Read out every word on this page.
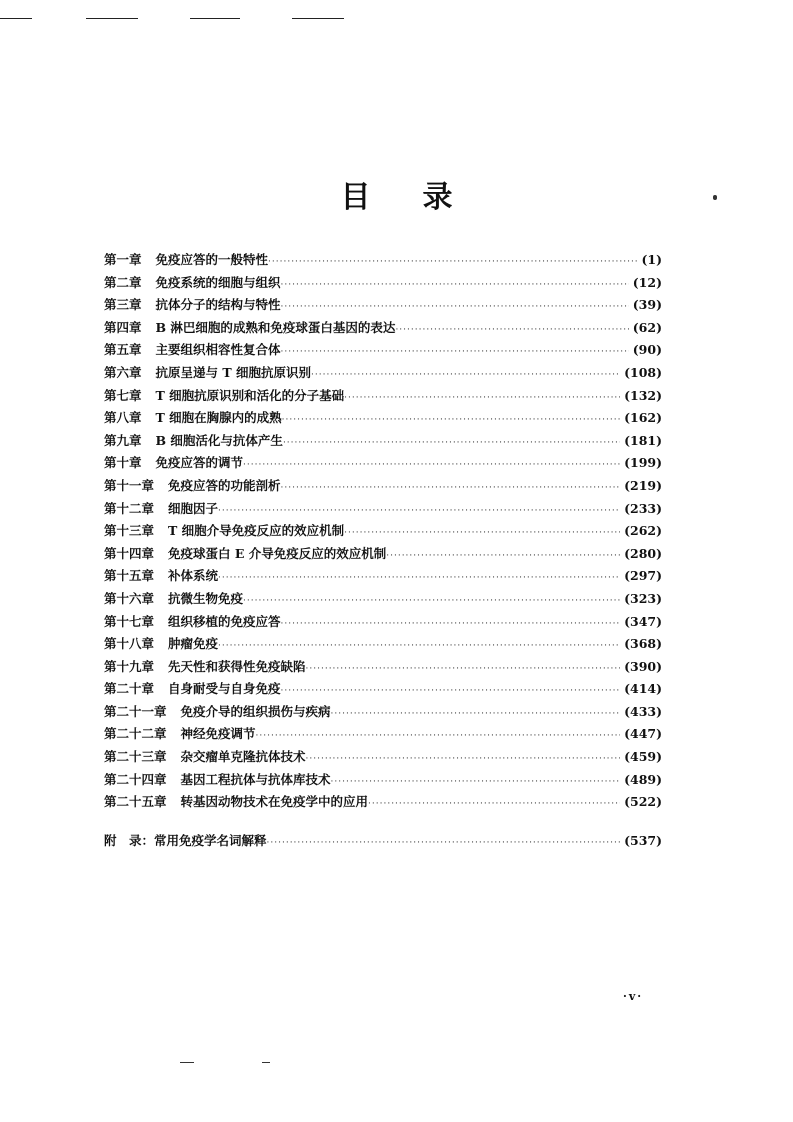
目 录
第一章 免疫应答的一般特性 ·····	(1)
第二章 免疫系统的细胞与组织 ·····	(12)
第三章 抗体分子的结构与特性 ·····	(39)
第四章 B 淋巴细胞的成熟和免疫球蛋白基因的表达 ·····	(62)
第五章 主要组织相容性复合体 ·····	(90)
第六章 抗原呈递与 T 细胞抗原识别 ·····	(108)
第七章 T 细胞抗原识别和活化的分子基础 ·····	(132)
第八章 T 细胞在胸腺内的成熟 ·····	(162)
第九章 B 细胞活化与抗体产生 ·····	(181)
第十章 免疫应答的调节 ·····	(199)
第十一章 免疫应答的功能剖析 ·····	(219)
第十二章 细胞因子 ·····	(233)
第十三章 T 细胞介导免疫反应的效应机制 ·····	(262)
第十四章 免疫球蛋白 E 介导免疫反应的效应机制 ·····	(280)
第十五章 补体系统 ·····	(297)
第十六章 抗微生物免疫 ·····	(323)
第十七章 组织移植的免疫应答 ·····	(347)
第十八章 肿瘤免疫 ·····	(368)
第十九章 先天性和获得性免疫缺陷 ·····	(390)
第二十章 自身耐受与自身免疫 ·····	(414)
第二十一章 免疫介导的组织损伤与疾病 ·····	(433)
第二十二章 神经免疫调节 ·····	(447)
第二十三章 杂交瘤单克隆抗体技术 ·····	(459)
第二十四章 基因工程抗体与抗体库技术 ·····	(489)
第二十五章 转基因动物技术在免疫学中的应用 ·····	(522)
附　录： 常用免疫学名词解释 ·····	(537)
·v·
